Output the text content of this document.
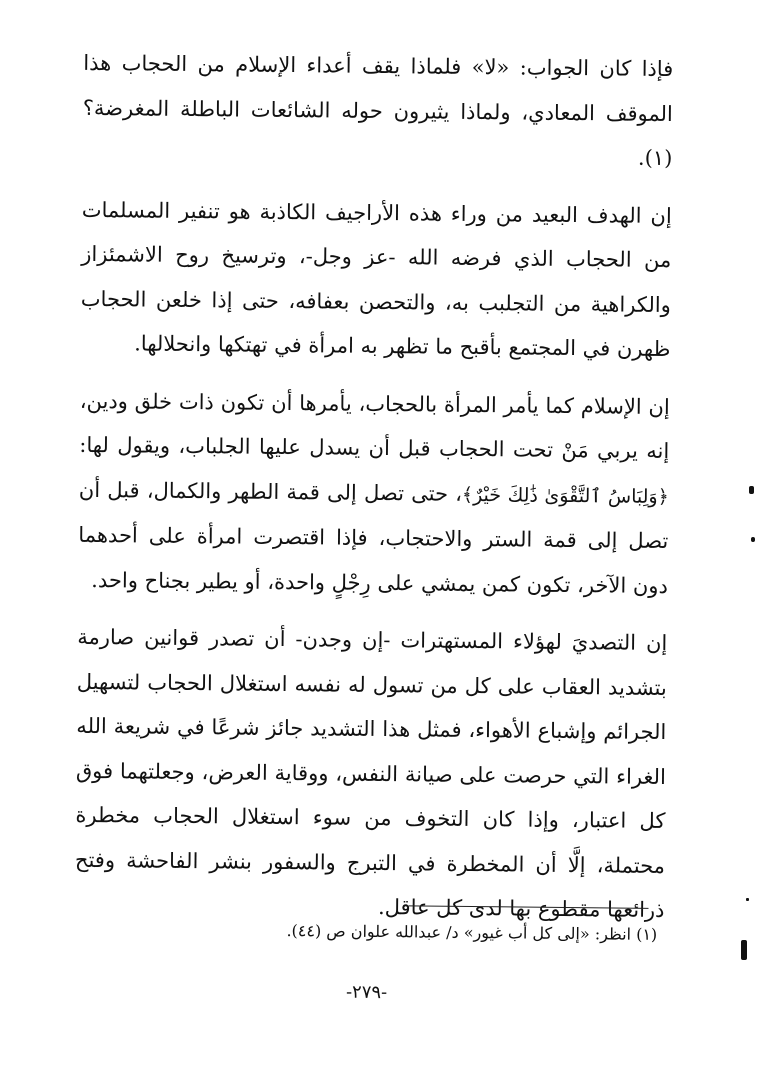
فإذا كان الجواب: «لا» فلماذا يقف أعداء الإسلام من الحجاب هذا الموقف المعادي، ولماذا يثيرون حوله الشائعات الباطلة المغرضة؟(١).

إن الهدف البعيد من وراء هذه الأراجيف الكاذبة هو تنفير المسلمات من الحجاب الذي فرضه الله -عز وجل-، وترسيخ روح الاشمئزاز والكراهية من التجلبب به، والتحصن بعفافه، حتى إذا خلعن الحجاب ظهرن في المجتمع بأقبح ما تظهر به امرأة في تهتكها وانحلالها.

إن الإسلام كما يأمر المرأة بالحجاب، يأمرها أن تكون ذات خلق ودين، إنه يربي مَنْ تحت الحجاب قبل أن يسدل عليها الجلباب، ويقول لها: ﴿وَلِبَاسُ ٱلتَّقْوَىٰ ذَٰلِكَ خَيْرٌ﴾، حتى تصل إلى قمة الطهر والكمال، قبل أن تصل إلى قمة الستر والاحتجاب، فإذا اقتصرت امرأة على أحدهما دون الآخر، تكون كمن يمشي على رِجْلٍ واحدة، أو يطير بجناح واحد.

إن التصديَ لهؤلاء المستهترات -إن وجدن- أن تصدر قوانين صارمة بتشديد العقاب على كل من تسول له نفسه استغلال الحجاب لتسهيل الجرائم وإشباع الأهواء، فمثل هذا التشديد جائز شرعًا في شريعة الله الغراء التي حرصت على صيانة النفس، ووقاية العرض، وجعلتهما فوق كل اعتبار، وإذا كان التخوف من سوء استغلال الحجاب مخطرة محتملة، إلَّا أن المخطرة في التبرج والسفور بنشر الفاحشة وفتح ذرائعها مقطوع بها لدى كل عاقل.

(١) انظر: «إلى كل أب غيور» د/ عبدالله علوان ص (٤٤).
-٢٧٩-
